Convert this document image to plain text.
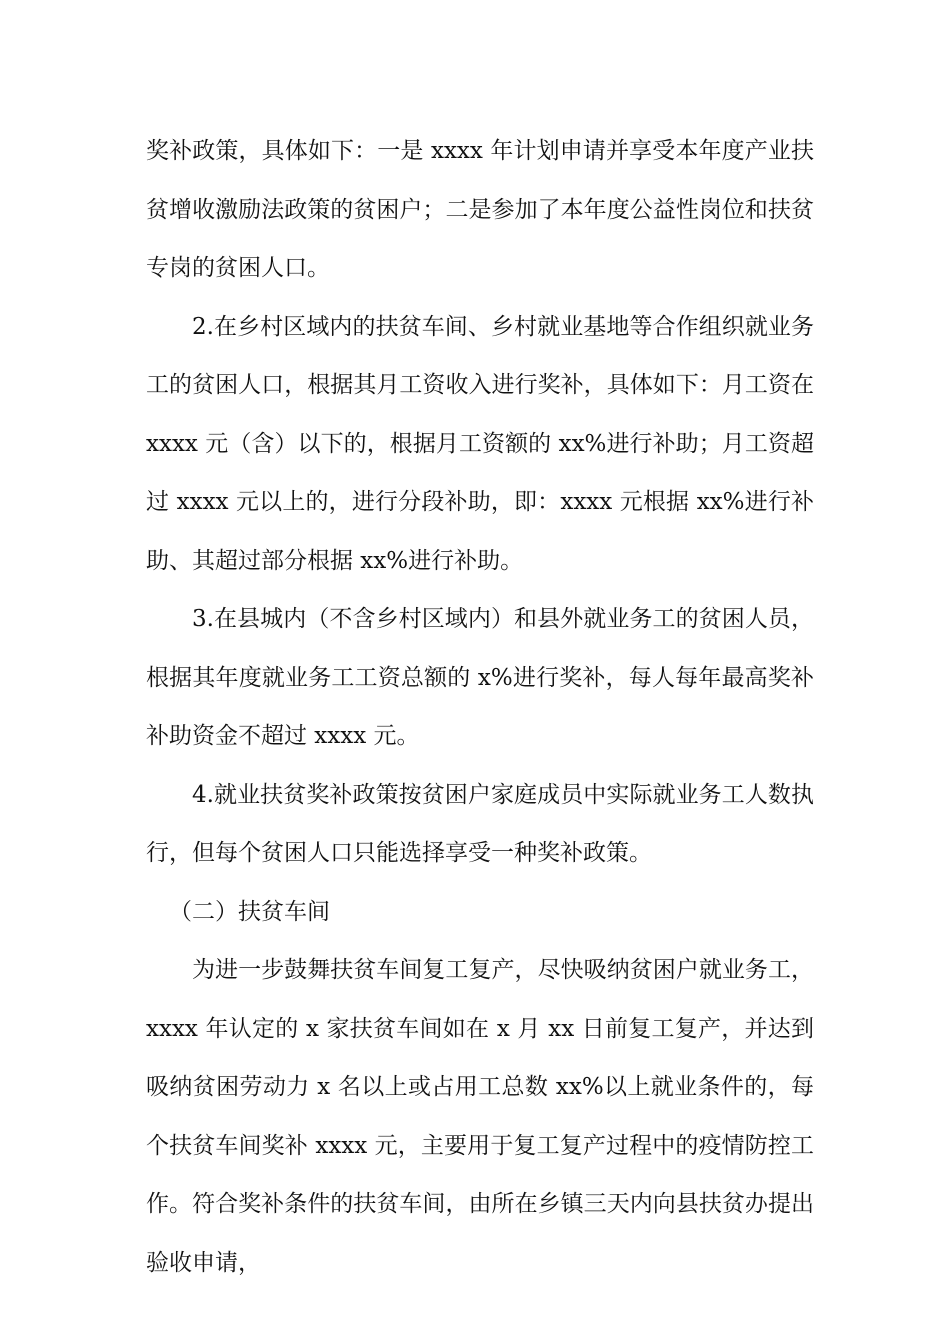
奖补政策，具体如下：一是 xxxx 年计划申请并享受本年度产业扶贫增收激励法政策的贫困户；二是参加了本年度公益性岗位和扶贫专岗的贫困人口。

2.在乡村区域内的扶贫车间、乡村就业基地等合作组织就业务工的贫困人口，根据其月工资收入进行奖补，具体如下：月工资在 xxxx 元（含）以下的，根据月工资额的 xx%进行补助；月工资超过 xxxx 元以上的，进行分段补助，即：xxxx 元根据 xx%进行补助、其超过部分根据 xx%进行补助。

3.在县城内（不含乡村区域内）和县外就业务工的贫困人员，根据其年度就业务工工资总额的 x%进行奖补，每人每年最高奖补补助资金不超过 xxxx 元。

4.就业扶贫奖补政策按贫困户家庭成员中实际就业务工人数执行，但每个贫困人口只能选择享受一种奖补政策。

（二）扶贫车间

为进一步鼓舞扶贫车间复工复产，尽快吸纳贫困户就业务工，xxxx 年认定的 x 家扶贫车间如在 x 月 xx 日前复工复产，并达到吸纳贫困劳动力 x 名以上或占用工总数 xx%以上就业条件的，每个扶贫车间奖补 xxxx 元，主要用于复工复产过程中的疫情防控工作。符合奖补条件的扶贫车间，由所在乡镇三天内向县扶贫办提出验收申请，
